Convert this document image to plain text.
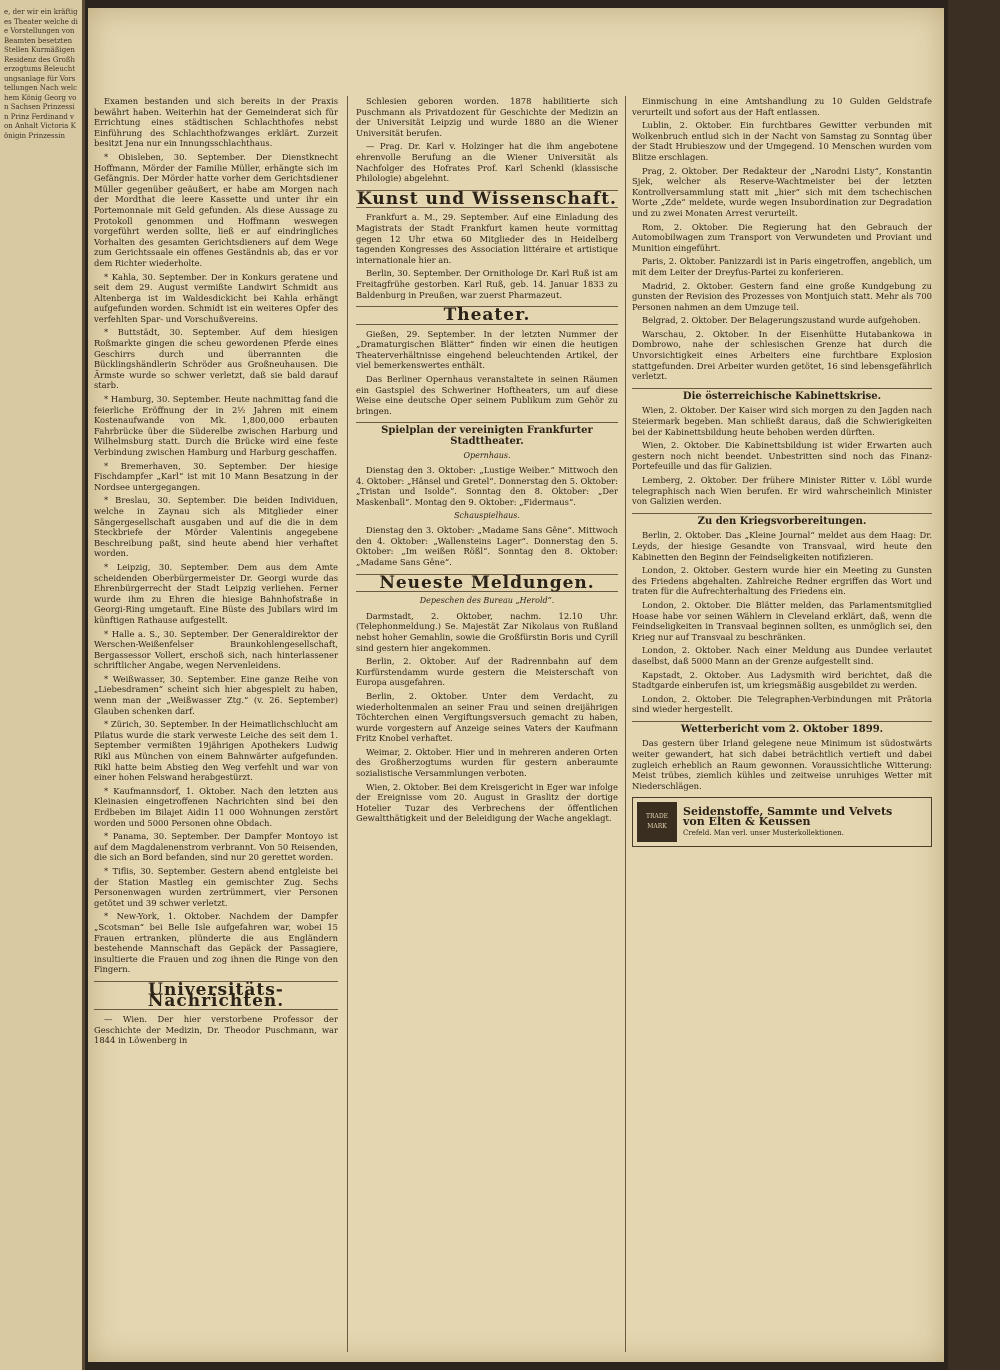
e, der wir ein kräftiges Theater welche die Vorstellungen von Beamten besetzten Stellen Kurmäßigen Residenz des Großherzogtums Beleuchtungsanlage für Vorstellungen Nach welchem König Georg von Sachsen Prinzessin Prinz Ferdinand von Anhalt Victoria Königin Prinzessin

Examen bestanden und sich bereits in der Praxis bewährt haben. Weiterhin hat der Gemeinderat sich für Errichtung eines städtischen Schlachthofes nebst Einführung des Schlachthofzwanges erklärt. Zurzeit besitzt Jena nur ein Innungsschlachthaus.

* Obisleben, 30. September. Der Dienstknecht Hoffmann, Mörder der Familie Müller, erhängte sich im Gefängnis. Der Mörder hatte vorher dem Gerichtsdiener Müller gegenüber geäußert, er habe am Morgen nach der Mordthat die leere Kassette und unter ihr ein Portemonnaie mit Geld gefunden. Als diese Aussage zu Protokoll genommen und Hoffmann weswegen vorgeführt werden sollte, ließ er auf eindringliches Vorhalten des gesamten Gerichtsdieners auf dem Wege zum Gerichtssaale ein offenes Geständnis ab, das er vor dem Richter wiederholte.

* Kahla, 30. September. Der in Konkurs geratene und seit dem 29. August vermißte Landwirt Schmidt aus Altenberga ist im Waldesdickicht bei Kahla erhängt aufgefunden worden. Schmidt ist ein weiteres Opfer des verfehlten Spar- und Vorschußvereins.

* Buttstädt, 30. September. Auf dem hiesigen Roßmarkte gingen die scheu gewordenen Pferde eines Geschirrs durch und überrannten die Bücklingshändlerin Schröder aus Großneuhausen. Die Ärmste wurde so schwer verletzt, daß sie bald darauf starb.

* Hamburg, 30. September. Heute nachmittag fand die feierliche Eröffnung der in 2½ Jahren mit einem Kostenaufwande von Mk. 1,800,000 erbauten Fahrbrücke über die Süderelbe zwischen Harburg und Wilhelmsburg statt. Durch die Brücke wird eine feste Verbindung zwischen Hamburg und Harburg geschaffen.

* Bremerhaven, 30. September. Der hiesige Fischdampfer „Karl“ ist mit 10 Mann Besatzung in der Nordsee untergegangen.

* Breslau, 30. September. Die beiden Individuen, welche in Zaynau sich als Mitglieder einer Sängergesellschaft ausgaben und auf die die in dem Steckbriefe der Mörder Valentinis angegebene Beschreibung paßt, sind heute abend hier verhaftet worden.

* Leipzig, 30. September. Dem aus dem Amte scheidenden Oberbürgermeister Dr. Georgi wurde das Ehrenbürgerrecht der Stadt Leipzig verliehen. Ferner wurde ihm zu Ehren die hiesige Bahnhofstraße in Georgi-Ring umgetauft. Eine Büste des Jubilars wird im künftigen Rathause aufgestellt.

* Halle a. S., 30. September. Der Generaldirektor der Werschen-Weißenfelser Braunkohlengesellschaft, Bergassessor Vollert, erschoß sich, nach hinterlassener schriftlicher Angabe, wegen Nervenleidens.

* Weißwasser, 30. September. Eine ganze Reihe von „Liebesdramen“ scheint sich hier abgespielt zu haben, wenn man der „Weißwasser Ztg.“ (v. 26. September) Glauben schenken darf.

* Zürich, 30. September. In der Heimatlichschlucht am Pilatus wurde die stark verweste Leiche des seit dem 1. September vermißten 19jährigen Apothekers Ludwig Rikl aus München von einem Bahnwärter aufgefunden. Rikl hatte beim Abstieg den Weg verfehlt und war von einer hohen Felswand herabgestürzt.

* Kaufmannsdorf, 1. Oktober. Nach den letzten aus Kleinasien eingetroffenen Nachrichten sind bei den Erdbeben im Bilajet Aidin 11 000 Wohnungen zerstört worden und 5000 Personen ohne Obdach.

* Panama, 30. September. Der Dampfer Montoyo ist auf dem Magdalenenstrom verbrannt. Von 50 Reisenden, die sich an Bord befanden, sind nur 20 gerettet worden.

* Tiflis, 30. September. Gestern abend entgleiste bei der Station Mastleg ein gemischter Zug. Sechs Personenwagen wurden zertrümmert, vier Personen getötet und 39 schwer verletzt.

* New-York, 1. Oktober. Nachdem der Dampfer „Scotsman“ bei Belle Isle aufgefahren war, wobei 15 Frauen ertranken, plünderte die aus Engländern bestehende Mannschaft das Gepäck der Passagiere, insultierte die Frauen und zog ihnen die Ringe von den Fingern.

Universitäts-Nachrichten.

— Wien. Der hier verstorbene Professor der Geschichte der Medizin, Dr. Theodor Puschmann, war 1844 in Löwenberg in

Schlesien geboren worden. 1878 habilitierte sich Puschmann als Privatdozent für Geschichte der Medizin an der Universität Leipzig und wurde 1880 an die Wiener Universität berufen.

— Prag. Dr. Karl v. Holzinger hat die ihm angebotene ehrenvolle Berufung an die Wiener Universität als Nachfolger des Hofrates Prof. Karl Schenkl (klassische Philologie) abgelehnt.

Kunst und Wissenschaft.

Frankfurt a. M., 29. September. Auf eine Einladung des Magistrats der Stadt Frankfurt kamen heute vormittag gegen 12 Uhr etwa 60 Mitglieder des in Heidelberg tagenden Kongresses des Association littéraire et artistique internationale hier an.

Berlin, 30. September. Der Ornithologe Dr. Karl Ruß ist am Freitagfrühe gestorben. Karl Ruß, geb. 14. Januar 1833 zu Baldenburg in Preußen, war zuerst Pharmazeut.

Theater.

Gießen, 29. September. In der letzten Nummer der „Dramaturgischen Blätter“ finden wir einen die heutigen Theaterverhältnisse eingehend beleuchtenden Artikel, der viel bemerkenswertes enthält.

Das Berliner Opernhaus veranstaltete in seinen Räumen ein Gastspiel des Schweriner Hoftheaters, um auf diese Weise eine deutsche Oper seinem Publikum zum Gehör zu bringen.

Spielplan der vereinigten Frankfurter Stadttheater.
Opernhaus.

Dienstag den 3. Oktober: „Lustige Weiber.“ Mittwoch den 4. Oktober: „Hänsel und Gretel“. Donnerstag den 5. Oktober: „Tristan und Isolde“. Sonntag den 8. Oktober: „Der Maskenball“. Montag den 9. Oktober: „Fidermaus“.

Schauspielhaus.

Dienstag den 3. Oktober: „Madame Sans Gêne“. Mittwoch den 4. Oktober: „Wallensteins Lager“. Donnerstag den 5. Oktober: „Im weißen Rößl“. Sonntag den 8. Oktober: „Madame Sans Gêne“.

Neueste Meldungen.
Depeschen des Bureau „Herold“.

Darmstadt, 2. Oktober, nachm. 12.10 Uhr. (Telephonmeldung.) Se. Majestät Zar Nikolaus von Rußland nebst hoher Gemahlin, sowie die Großfürstin Boris und Cyrill sind gestern hier angekommen.

Berlin, 2. Oktober. Auf der Radrennbahn auf dem Kurfürstendamm wurde gestern die Meisterschaft von Europa ausgefahren.

Berlin, 2. Oktober. Unter dem Verdacht, zu wiederholtenmalen an seiner Frau und seinen dreijährigen Töchterchen einen Vergiftungsversuch gemacht zu haben, wurde vorgestern auf Anzeige seines Vaters der Kaufmann Fritz Knobel verhaftet.

Weimar, 2. Oktober. Hier und in mehreren anderen Orten des Großherzogtums wurden für gestern anberaumte sozialistische Versammlungen verboten.

Wien, 2. Oktober. Bei dem Kreisgericht in Eger war infolge der Ereignisse vom 20. August in Graslitz der dortige Hotelier Tuzar des Verbrechens der öffentlichen Gewaltthätigkeit und der Beleidigung der Wache angeklagt.

Einmischung in eine Amtshandlung zu 10 Gulden Geldstrafe verurteilt und sofort aus der Haft entlassen.

Lublin, 2. Oktober. Ein furchtbares Gewitter verbunden mit Wolkenbruch entlud sich in der Nacht von Samstag zu Sonntag über der Stadt Hrubieszow und der Umgegend. 10 Menschen wurden vom Blitze erschlagen.

Prag, 2. Oktober. Der Redakteur der „Narodni Listy“, Konstantin Sjek, welcher als Reserve-Wachtmeister bei der letzten Kontrollversammlung statt mit „hier“ sich mit dem tschechischen Worte „Zde“ meldete, wurde wegen Insubordination zur Degradation und zu zwei Monaten Arrest verurteilt.

Rom, 2. Oktober. Die Regierung hat den Gebrauch der Automobilwagen zum Transport von Verwundeten und Proviant und Munition eingeführt.

Paris, 2. Oktober. Panizzardi ist in Paris eingetroffen, angeblich, um mit dem Leiter der Dreyfus-Partei zu konferieren.

Madrid, 2. Oktober. Gestern fand eine große Kundgebung zu gunsten der Revision des Prozesses von Montjuich statt. Mehr als 700 Personen nahmen an dem Umzuge teil.

Belgrad, 2. Oktober. Der Belagerungszustand wurde aufgehoben.

Warschau, 2. Oktober. In der Eisenhütte Hutabankowa in Dombrowo, nahe der schlesischen Grenze hat durch die Unvorsichtigkeit eines Arbeiters eine furchtbare Explosion stattgefunden. Drei Arbeiter wurden getötet, 16 sind lebensgefährlich verletzt.

Die österreichische Kabinettskrise.

Wien, 2. Oktober. Der Kaiser wird sich morgen zu den Jagden nach Steiermark begeben. Man schließt daraus, daß die Schwierigkeiten bei der Kabinettsbildung heute behoben werden dürften.

Wien, 2. Oktober. Die Kabinettsbildung ist wider Erwarten auch gestern noch nicht beendet. Unbestritten sind noch das Finanz-Portefeuille und das für Galizien.

Lemberg, 2. Oktober. Der frühere Minister Ritter v. Löbl wurde telegraphisch nach Wien berufen. Er wird wahrscheinlich Minister von Galizien werden.

Zu den Kriegsvorbereitungen.

Berlin, 2. Oktober. Das „Kleine Journal“ meldet aus dem Haag: Dr. Leyds, der hiesige Gesandte von Transvaal, wird heute den Kabinetten den Beginn der Feindseligkeiten notifizieren.

London, 2. Oktober. Gestern wurde hier ein Meeting zu Gunsten des Friedens abgehalten. Zahlreiche Redner ergriffen das Wort und traten für die Aufrechterhaltung des Friedens ein.

London, 2. Oktober. Die Blätter melden, das Parlamentsmitglied Hoase habe vor seinen Wählern in Cleveland erklärt, daß, wenn die Feindseligkeiten in Transvaal beginnen sollten, es unmöglich sei, den Krieg nur auf Transvaal zu beschränken.

London, 2. Oktober. Nach einer Meldung aus Dundee verlautet daselbst, daß 5000 Mann an der Grenze aufgestellt sind.

Kapstadt, 2. Oktober. Aus Ladysmith wird berichtet, daß die Stadtgarde einberufen ist, um kriegsmäßig ausgebildet zu werden.

London, 2. Oktober. Die Telegraphen-Verbindungen mit Prätoria sind wieder hergestellt.

Wetterbericht vom 2. Oktober 1899.

Das gestern über Irland gelegene neue Minimum ist südostwärts weiter gewandert, hat sich dabei beträchtlich vertieft und dabei zugleich erheblich an Raum gewonnen. Voraussichtliche Witterung: Meist trübes, ziemlich kühles und zeitweise unruhiges Wetter mit Niederschlägen.

TRADE MARK
Seidenstoffe, Sammte und Velvets
von Elten & Keussen
Crefeld. Man verl. unser Musterkollektionen.
